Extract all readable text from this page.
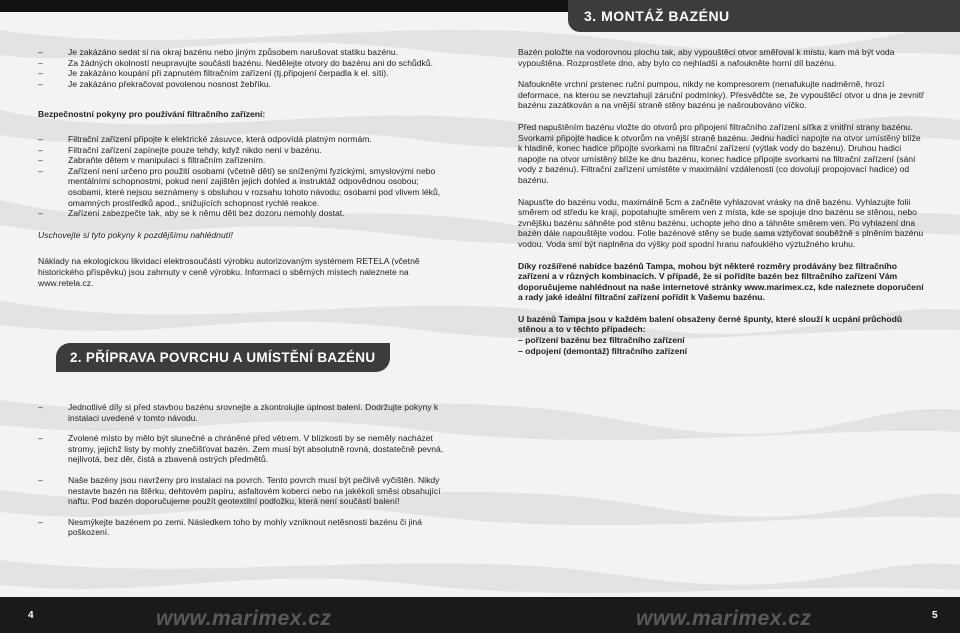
3. MONTÁŽ BAZÉNU

– Je zakázáno sedat si na okraj bazénu nebo jiným způsobem narušovat statiku bazénu.

– Za žádných okolností neupravujte součásti bazénu. Nedělejte otvory do bazénu ani do schůdků.

– Je zakázáno koupání při zapnutém filtračním zařízení (tj.připojení čerpadla k el. síti).

– Je zakázáno překračovat povolenou nosnost žebříku.

Bezpečnostní pokyny pro používání filtračního zařízení:

– Filtrační zařízení připojte k elektrické zásuvce, která odpovídá platným normám.

– Filtrační zařízení zapínejte pouze tehdy, když nikdo není v bazénu.

– Zabraňte dětem v manipulaci s filtračním zařízením.

– Zařízení není určeno pro použití osobami (včetně dětí) se sníženými fyzickými, smyslovými nebo mentálními schopnostmi, pokud není zajištěn jejich dohled a instruktáž odpovědnou osobou; osobami, které nejsou seznámeny s obsluhou v rozsahu tohoto návodu; osobami pod vlivem léků, omamných prostředků apod., snižujících schopnost rychlé reakce.

– Zařízení zabezpečte tak, aby se k němu děti bez dozoru nemohly dostat.

Uschovejte si tyto pokyny k pozdějšímu nahlédnutí!

Náklady na ekologickou likvidaci elektrosoučástí výrobku autorizovaným systémem RETELA (včetně historického příspěvku) jsou zahrnuty v ceně výrobku. Informaci o sběrných místech naleznete na www.retela.cz.

2. PŘÍPRAVA POVRCHU A UMÍSTĚNÍ BAZÉNU

– Jednotlivé díly si před stavbou bazénu srovnejte a zkontrolujte úplnost balení. Dodržujte pokyny k instalaci uvedené v tomto návodu.

– Zvolené místo by mělo být slunečné a chráněné před větrem. V blízkosti by se neměly nacházet stromy, jejichž listy by mohly znečišťovat bazén. Zem musí být absolutně rovná, dostatečně pevná, nejlivotá, bez děr, čistá a zbavená ostrých předmětů.

– Naše bazény jsou navrženy pro instalaci na povrch. Tento povrch musí být pečlivě vyčištěn. Nikdy nestavte bazén na štěrku, dehtovém papíru, asfaltovém koberci nebo na jakékoli směsi obsahující naftu. Pod bazén doporučujeme použít geotextilní podložku, která není součástí balení!

– Nesmýkejte bazénem po zemi. Následkem toho by mohly vzniknout netěsnosti bazénu či jiná poškození.

Bazén položte na vodorovnou plochu tak, aby vypouštěcí otvor směřoval k místu, kam má být voda vypouštěna. Rozprostřete dno, aby bylo co nejhladší a nafoukněte horní díl bazénu.

Nafoukněte vrchní prstenec ruční pumpou, nikdy ne kompresorem (nenafukujte nadměrně, hrozí deformace, na kterou se nevztahují záruční podmínky). Přesvědčte se, že vypouštěcí otvor u dna je zevnitř bazénu zazátkován a na vnější straně stěny bazénu je našroubováno víčko.

Před napuštěním bazénu vložte do otvorů pro připojení filtračního zařízení síťka z vnitřní strany bazénu. Svorkami připojte hadice k otvorům na vnější straně bazénu. Jednu hadici napojte na otvor umístěný blíže k hladině, konec hadice připojte svorkami na filtrační zařízení (výtlak vody do bazénu). Druhou hadici napojte na otvor umístěný blíže ke dnu bazénu, konec hadice připojte svorkami na filtrační zařízení (sání vody z bazénu). Filtrační zařízení umístěte v maximální vzdálenosti (co dovolují propojovací hadice) od bazénu.

Napusťte do bazénu vodu, maximálně 5cm a začněte vyhlazovat vrásky na dně bazénu. Vyhlazujte folii směrem od středu ke kraji, popotahujte směrem ven z místa, kde se spojuje dno bazénu se stěnou, nebo zvnějšku bazénu sáhněte pod stěnu bazénu, uchopte jeho dno a táhněte směrem ven. Po vyhlazení dna bazén dále napouštějte vodou. Folie bazénové stěny se bude sama vztyčovat souběžně s plněním bazénu vodou. Voda smí být naplněna do výšky pod spodní hranu nafoukléhо výztužného kruhu.

Díky rozšířené nabídce bazénů Tampa, mohou být některé rozměry prodávány bez filtračního zařízení a v různých kombinacích. V případě, že si pořídíte bazén bez filtračního zařízení Vám doporučujeme nahlédnout na naše internetové stránky www.marimex.cz, kde naleznete doporučení a rady jaké ideální filtrační zařízení pořídit k Vašemu bazénu.

U bazénů Tampa jsou v každém balení obsaženy černé špunty, které slouží k ucpání průchodů stěnou a to v těchto případech:

– pořízení bazénu bez filtračního zařízení

– odpojení (demontáž) filtračního zařízení

4	www.marimex.cz	www.marimex.cz	5
